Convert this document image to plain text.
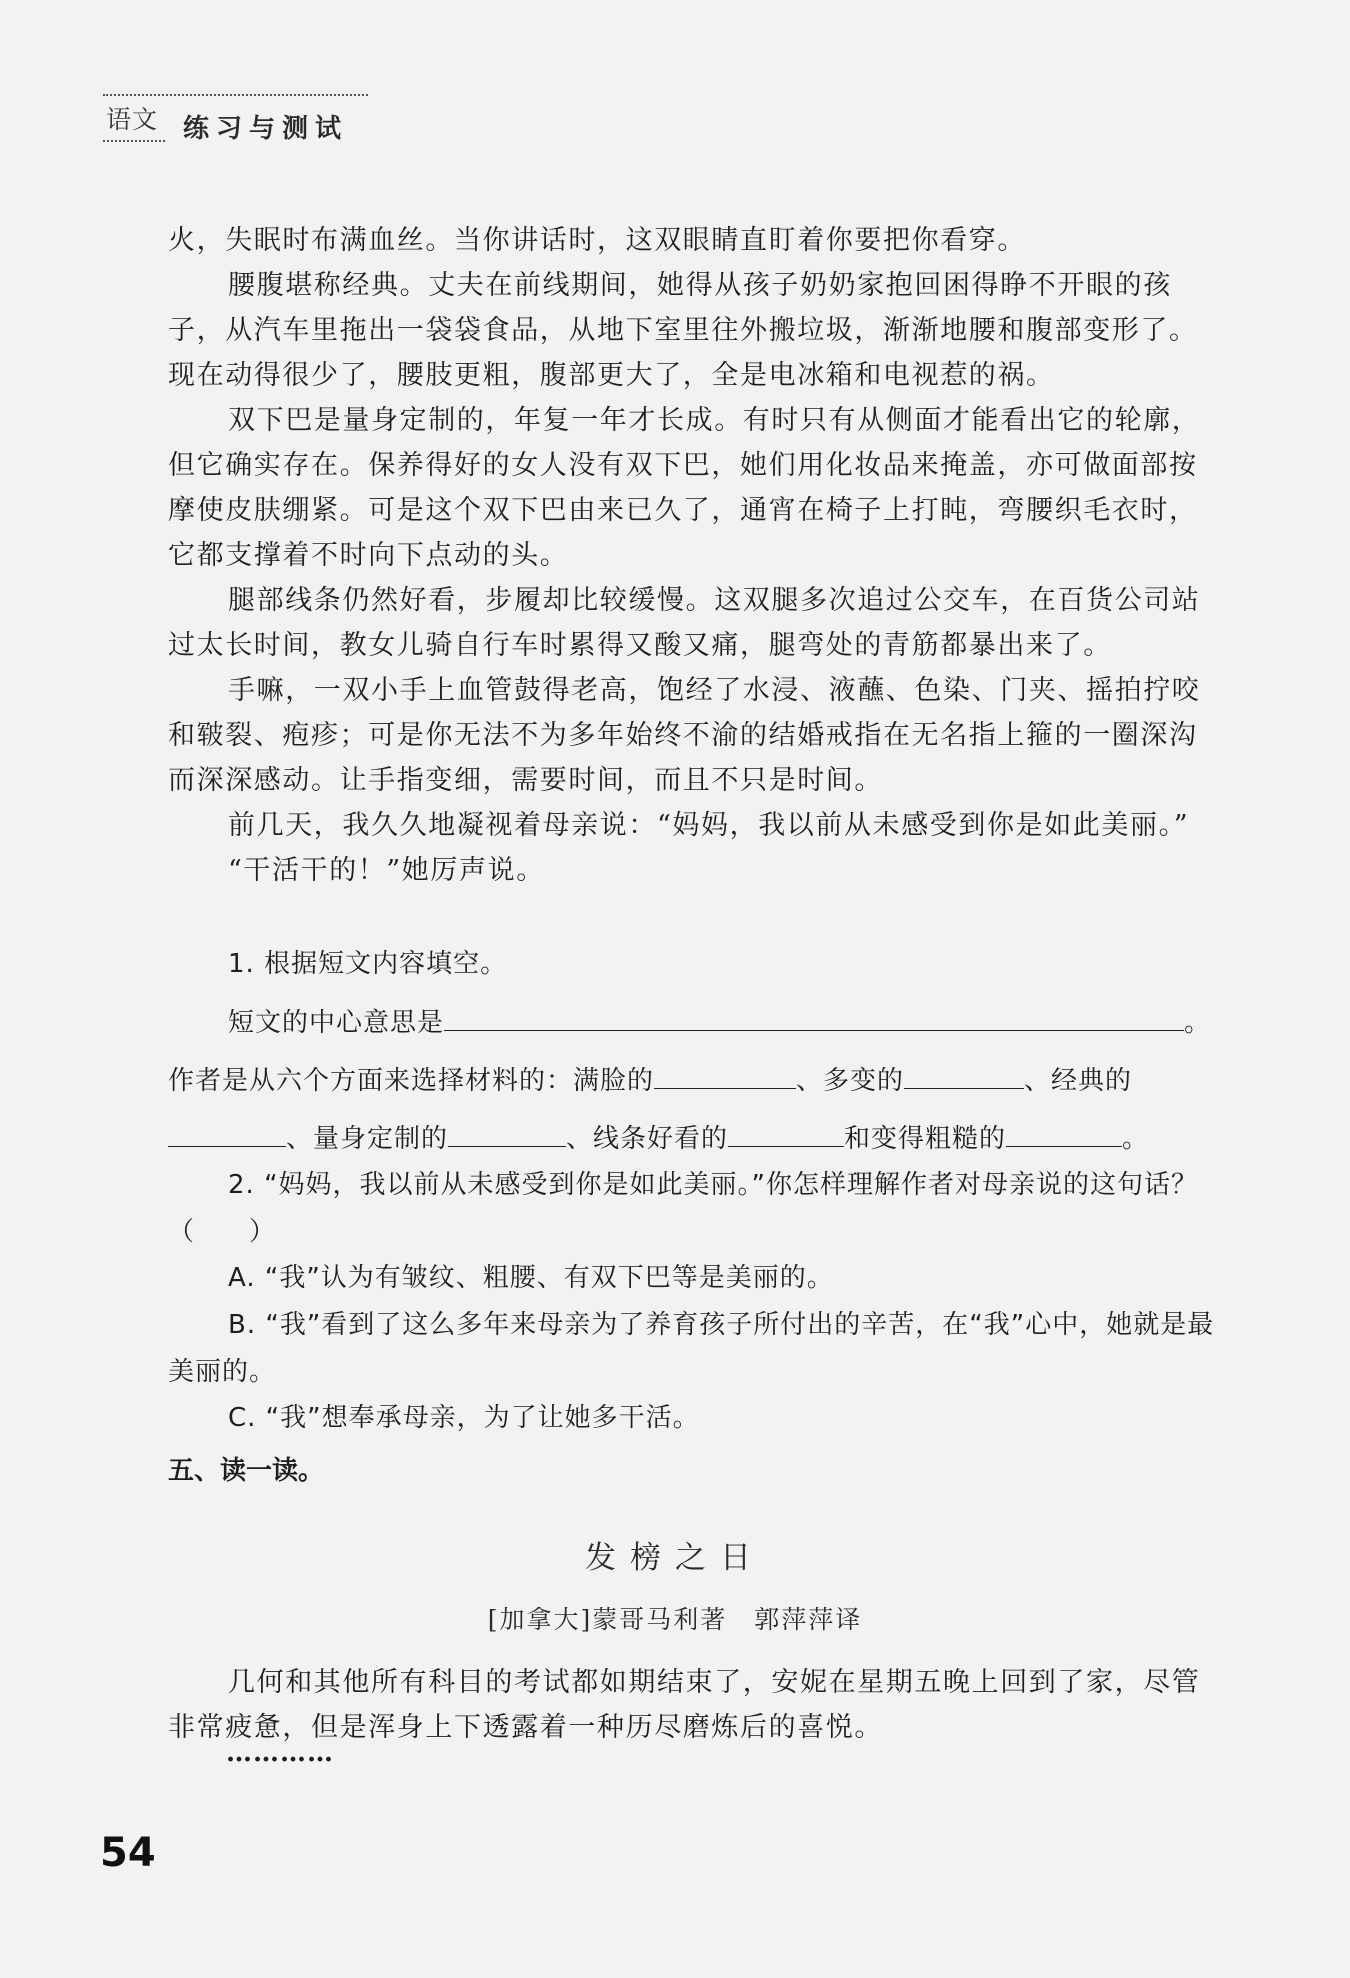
语文 练习与测试

火，失眠时布满血丝。当你讲话时，这双眼睛直盯着你要把你看穿。

腰腹堪称经典。丈夫在前线期间，她得从孩子奶奶家抱回困得睁不开眼的孩子，从汽车里拖出一袋袋食品，从地下室里往外搬垃圾，渐渐地腰和腹部变形了。现在动得很少了，腰肢更粗，腹部更大了，全是电冰箱和电视惹的祸。

双下巴是量身定制的，年复一年才长成。有时只有从侧面才能看出它的轮廓，但它确实存在。保养得好的女人没有双下巴，她们用化妆品来掩盖，亦可做面部按摩使皮肤绷紧。可是这个双下巴由来已久了，通宵在椅子上打盹，弯腰织毛衣时，它都支撑着不时向下点动的头。

腿部线条仍然好看，步履却比较缓慢。这双腿多次追过公交车，在百货公司站过太长时间，教女儿骑自行车时累得又酸又痛，腿弯处的青筋都暴出来了。

手嘛，一双小手上血管鼓得老高，饱经了水浸、液蘸、色染、门夹、摇拍拧咬和皲裂、疱疹；可是你无法不为多年始终不渝的结婚戒指在无名指上箍的一圈深沟而深深感动。让手指变细，需要时间，而且不只是时间。

前几天，我久久地凝视着母亲说：“妈妈，我以前从未感受到你是如此美丽。”

“干活干的！”她厉声说。

1. 根据短文内容填空。

短文的中心意思是	。

作者是从六个方面来选择材料的：满脸的	、多变的	、经典的

、量身定制的	、线条好看的	和变得粗糙的	。

2. “妈妈，我以前从未感受到你是如此美丽。”你怎样理解作者对母亲说的这句话？（　　）

A. “我”认为有皱纹、粗腰、有双下巴等是美丽的。

B. “我”看到了这么多年来母亲为了养育孩子所付出的辛苦，在“我”心中，她就是最美丽的。

C. “我”想奉承母亲，为了让她多干活。

五、读一读。
发榜之日
[加拿大]蒙哥马利著　郭萍萍译

几何和其他所有科目的考试都如期结束了，安妮在星期五晚上回到了家，尽管非常疲惫，但是浑身上下透露着一种历尽磨炼后的喜悦。

…………
54
